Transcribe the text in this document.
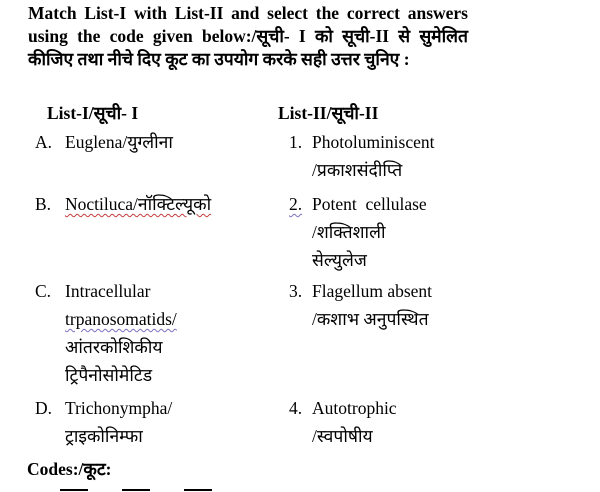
Match List-I with List-II and select the correct answers using the code given below:/सूची- I को सूची-II से सुमेलित कीजिए तथा नीचे दिए कूट का उपयोग करके सही उत्तर चुनिए :

List-I/सूची- I	List-II/सूची-II
A. Euglena/युग्लीना
B. Noctiluca/नॉक्टिल्यूको
C. Intracellular
trpanosomatids/
आंतरकोशिकीय
ट्रिपैनोसोमेटिड
D. Trichonympha/
ट्राइकोनिम्फा
1. Photoluminiscent
/प्रकाशसंदीप्ति
2. Potent  cellulase
/शक्तिशाली
सेल्युलेज
3. Flagellum absent
/कशाभ अनुपस्थित
4. Autotrophic
/स्वपोषीय
Codes:/कूट:
